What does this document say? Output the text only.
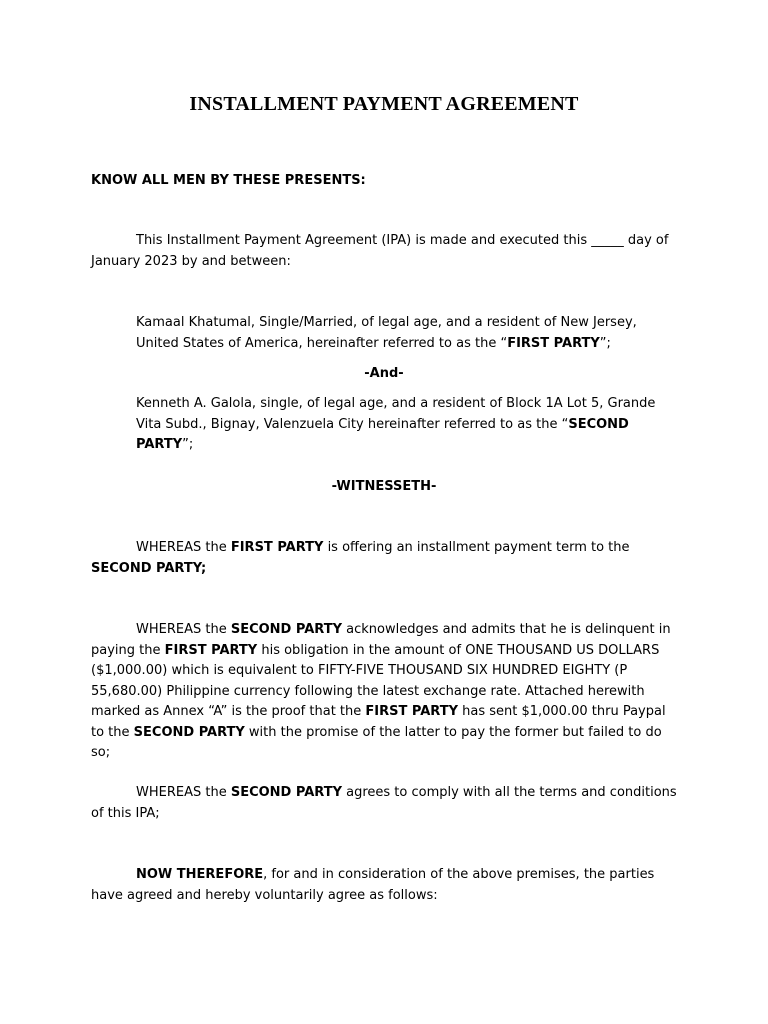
INSTALLMENT PAYMENT AGREEMENT

KNOW ALL MEN BY THESE PRESENTS:

This Installment Payment Agreement (IPA) is made and executed this _____ day of January 2023 by and between:

Kamaal Khatumal, Single/Married, of legal age, and a resident of New Jersey, United States of America, hereinafter referred to as the “FIRST PARTY”;

-And-

Kenneth A. Galola, single, of legal age, and a resident of Block 1A Lot 5, Grande Vita Subd., Bignay, Valenzuela City hereinafter referred to as the “SECOND PARTY”;

-WITNESSETH-

WHEREAS the FIRST PARTY is offering an installment payment term to the SECOND PARTY;

WHEREAS the SECOND PARTY acknowledges and admits that he is delinquent in paying the FIRST PARTY his obligation in the amount of ONE THOUSAND US DOLLARS ($1,000.00) which is equivalent to FIFTY-FIVE THOUSAND SIX HUNDRED EIGHTY (P 55,680.00) Philippine currency following the latest exchange rate. Attached herewith marked as Annex “A” is the proof that the FIRST PARTY has sent $1,000.00 thru Paypal to the SECOND PARTY with the promise of the latter to pay the former but failed to do so;

WHEREAS the SECOND PARTY agrees to comply with all the terms and conditions of this IPA;

NOW THEREFORE, for and in consideration of the above premises, the parties have agreed and hereby voluntarily agree as follows:
